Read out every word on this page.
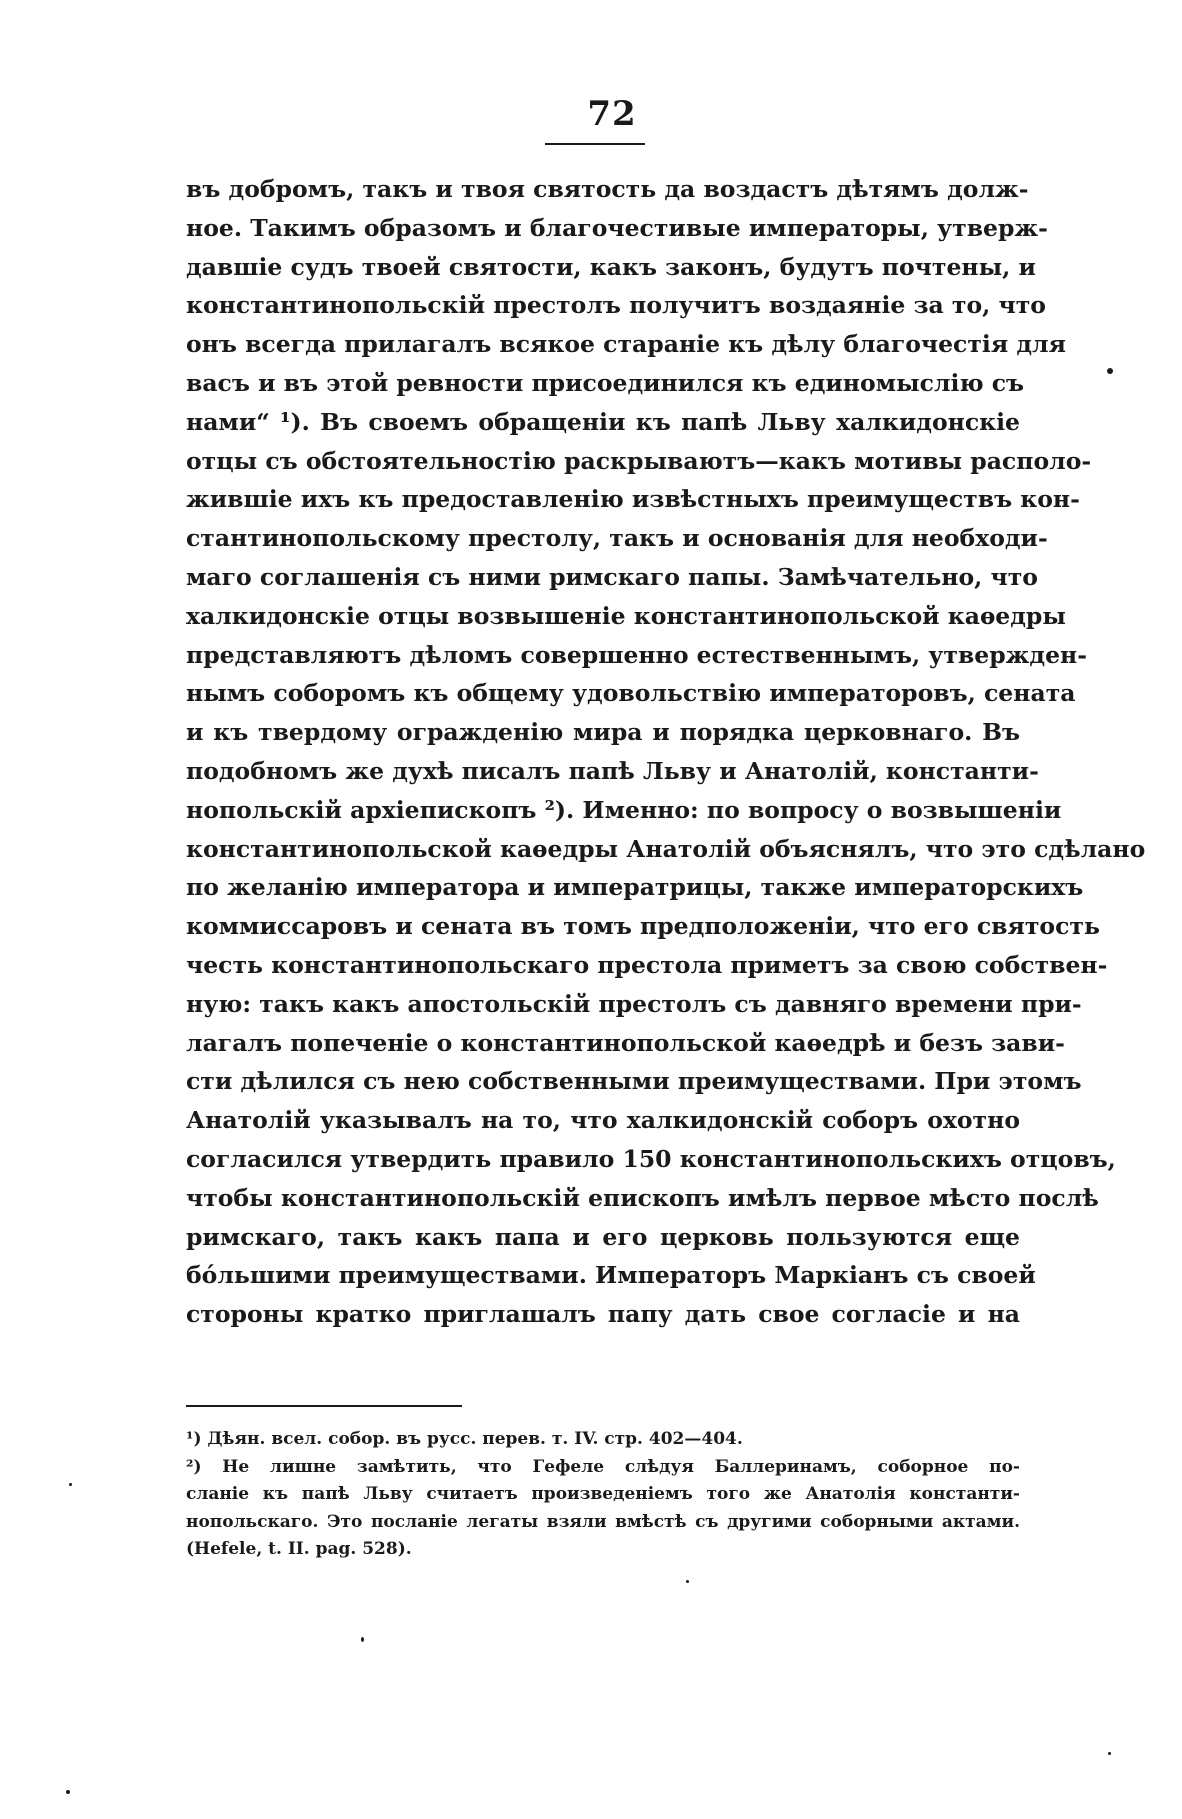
72
въ добромъ, такъ и твоя святость да воздастъ дѣтямъ долж-
ное. Такимъ образомъ и благочестивые императоры, утверж-
давшіе судъ твоей святости, какъ законъ, будутъ почтены, и
константинопольскій престолъ получитъ воздаяніе за то, что
онъ всегда прилагалъ всякое стараніе къ дѣлу благочестія для
васъ и въ этой ревности присоединился къ единомыслію съ
нами“ ¹). Въ своемъ обращеніи къ папѣ Льву халкидонскіе
отцы съ обстоятельностію раскрываютъ—какъ мотивы располо-
жившіе ихъ къ предоставленію извѣстныхъ преимуществъ кон-
стантинопольскому престолу, такъ и основанія для необходи-
маго соглашенія съ ними римскаго папы. Замѣчательно, что
халкидонскіе отцы возвышеніе константинопольской каѳедры
представляютъ дѣломъ совершенно естественнымъ, утвержден-
нымъ соборомъ къ общему удовольствію императоровъ, сената
и къ твердому огражденію мира и порядка церковнаго. Въ
подобномъ же духѣ писалъ папѣ Льву и Анатолій, константи-
нопольскій архіепископъ ²). Именно: по вопросу о возвышеніи
константинопольской каѳедры Анатолій объяснялъ, что это сдѣлано
по желанію императора и императрицы, также императорскихъ
коммиссаровъ и сената въ томъ предположеніи, что его святость
честь константинопольскаго престола приметъ за свою собствен-
ную: такъ какъ апостольскій престолъ съ давняго времени при-
лагалъ попеченіе о константинопольской каѳедрѣ и безъ зави-
сти дѣлился съ нею собственными преимуществами. При этомъ
Анатолій указывалъ на то, что халкидонскій соборъ охотно
согласился утвердить правило 150 константинопольскихъ отцовъ,
чтобы константинопольскій епископъ имѣлъ первое мѣсто послѣ
римскаго, такъ какъ папа и его церковь пользуются еще
бо́льшими преимуществами. Императоръ Маркіанъ съ своей
стороны кратко приглашалъ папу дать свое согласіе и на
¹) Дѣян. всел. собор. въ русс. перев. т. IV. стр. 402—404.
²) Не лишне замѣтить, что Гефеле слѣдуя Баллеринамъ, соборное по-
сланіе къ папѣ Льву считаетъ произведеніемъ того же Анатолія константи-
нопольскаго. Это посланіе легаты взяли вмѣстѣ съ другими соборными актами.
(Hefele, t. II. pag. 528).
